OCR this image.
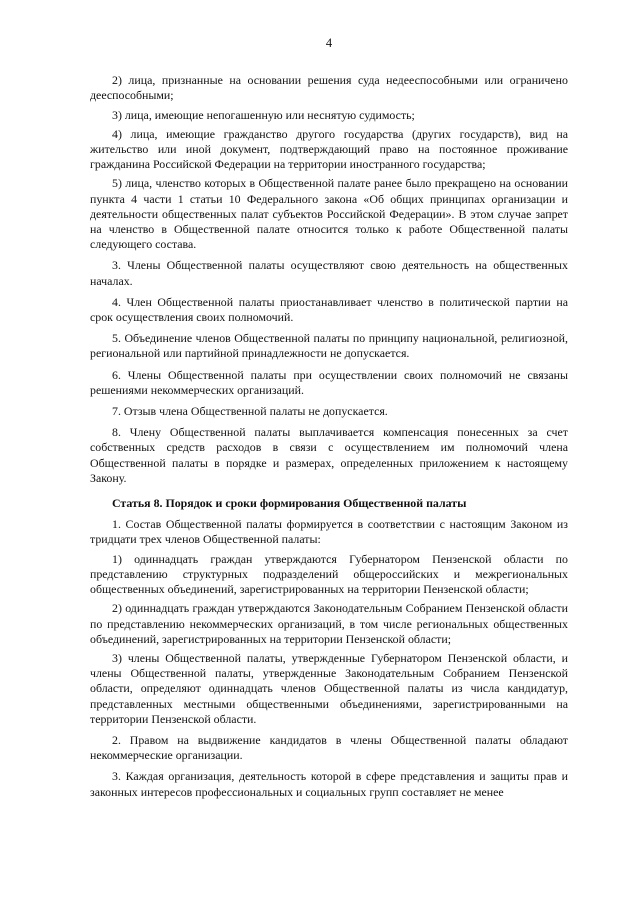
4

2) лица, признанные на основании решения суда недееспособными или ограничено дееспособными;

3) лица, имеющие непогашенную или неснятую судимость;

4) лица, имеющие гражданство другого государства (других государств), вид на жительство или иной документ, подтверждающий право на постоянное проживание гражданина Российской Федерации на территории иностранного государства;

5) лица, членство которых в Общественной палате ранее было прекращено на основании пункта 4 части 1 статьи 10 Федерального закона «Об общих принципах организации и деятельности общественных палат субъектов Российской Федерации». В этом случае запрет на членство в Общественной палате относится только к работе Общественной палаты следующего состава.

3. Члены Общественной палаты осуществляют свою деятельность на общественных началах.

4. Член Общественной палаты приостанавливает членство в политической партии на срок осуществления своих полномочий.

5. Объединение членов Общественной палаты по принципу национальной, религиозной, региональной или партийной принадлежности не допускается.

6. Члены Общественной палаты при осуществлении своих полномочий не связаны решениями некоммерческих организаций.

7. Отзыв члена Общественной палаты не допускается.

8. Члену Общественной палаты выплачивается компенсация понесенных за счет собственных средств расходов в связи с осуществлением им полномочий члена Общественной палаты в порядке и размерах, определенных приложением к настоящему Закону.

Статья 8. Порядок и сроки формирования Общественной палаты

1. Состав Общественной палаты формируется в соответствии с настоящим Законом из тридцати трех членов Общественной палаты:

1) одиннадцать граждан утверждаются Губернатором Пензенской области по представлению структурных подразделений общероссийских и межрегиональных общественных объединений, зарегистрированных на территории Пензенской области;

2) одиннадцать граждан утверждаются Законодательным Собранием Пензенской области по представлению некоммерческих организаций, в том числе региональных общественных объединений, зарегистрированных на территории Пензенской области;

3) члены Общественной палаты, утвержденные Губернатором Пензенской области, и члены Общественной палаты, утвержденные Законодательным Собранием Пензенской области, определяют одиннадцать членов Общественной палаты из числа кандидатур, представленных местными общественными объединениями, зарегистрированными на территории Пензенской области.

2. Правом на выдвижение кандидатов в члены Общественной палаты обладают некоммерческие организации.

3. Каждая организация, деятельность которой в сфере представления и защиты прав и законных интересов профессиональных и социальных групп составляет не менее
